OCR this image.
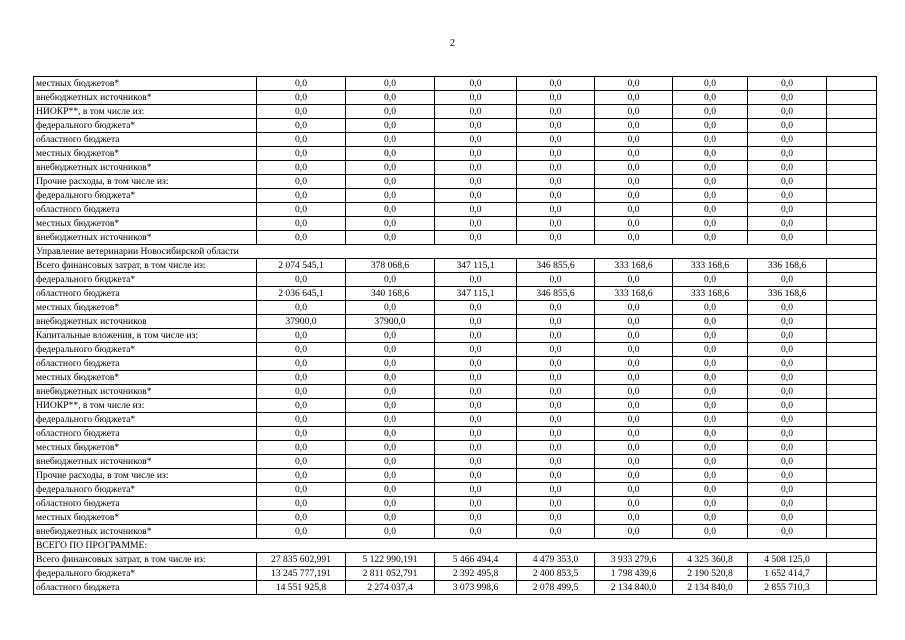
2
местных бюджетов*	0,0	0,0	0,0	0,0	0,0	0,0	0,0	
внебюджетных источников*	0,0	0,0	0,0	0,0	0,0	0,0	0,0	
НИОКР**, в том числе из:	0,0	0,0	0,0	0,0	0,0	0,0	0,0	
федерального бюджета*	0,0	0,0	0,0	0,0	0,0	0,0	0,0	
областного бюджета	0,0	0,0	0,0	0,0	0,0	0,0	0,0	
местных бюджетов*	0,0	0,0	0,0	0,0	0,0	0,0	0,0	
внебюджетных источников*	0,0	0,0	0,0	0,0	0,0	0,0	0,0	
Прочие расходы, в том числе из:	0,0	0,0	0,0	0,0	0,0	0,0	0,0	
федерального бюджета*	0,0	0,0	0,0	0,0	0,0	0,0	0,0	
областного бюджета	0,0	0,0	0,0	0,0	0,0	0,0	0,0	
местных бюджетов*	0,0	0,0	0,0	0,0	0,0	0,0	0,0	
внебюджетных источников*	0,0	0,0	0,0	0,0	0,0	0,0	0,0	
Управление ветеринарии Новосибирской области								
Всего финансовых затрат, в том числе из:	2 074 545,1	378 068,6	347 115,1	346 855,6	333 168,6	333 168,6	336 168,6	
федерального бюджета*	0,0	0,0	0,0	0,0	0,0	0,0	0,0	
областного бюджета	2 036 645,1	340 168,6	347 115,1	346 855,6	333 168,6	333 168,6	336 168,6	
местных бюджетов*	0,0	0,0	0,0	0,0	0,0	0,0	0,0	
внебюджетных источников	37900,0	37900,0	0,0	0,0	0,0	0,0	0,0	
Капитальные вложения, в том числе из:	0,0	0,0	0,0	0,0	0,0	0,0	0,0	
федерального бюджета*	0,0	0,0	0,0	0,0	0,0	0,0	0,0	
областного бюджета	0,0	0,0	0,0	0,0	0,0	0,0	0,0	
местных бюджетов*	0,0	0,0	0,0	0,0	0,0	0,0	0,0	
внебюджетных источников*	0,0	0,0	0,0	0,0	0,0	0,0	0,0	
НИОКР**, в том числе из:	0,0	0,0	0,0	0,0	0,0	0,0	0,0	
федерального бюджета*	0,0	0,0	0,0	0,0	0,0	0,0	0,0	
областного бюджета	0,0	0,0	0,0	0,0	0,0	0,0	0,0	
местных бюджетов*	0,0	0,0	0,0	0,0	0,0	0,0	0,0	
внебюджетных источников*	0,0	0,0	0,0	0,0	0,0	0,0	0,0	
Прочие расходы, в том числе из:	0,0	0,0	0,0	0,0	0,0	0,0	0,0	
федерального бюджета*	0,0	0,0	0,0	0,0	0,0	0,0	0,0	
областного бюджета	0,0	0,0	0,0	0,0	0,0	0,0	0,0	
местных бюджетов*	0,0	0,0	0,0	0,0	0,0	0,0	0,0	
внебюджетных источников*	0,0	0,0	0,0	0,0	0,0	0,0	0,0	
ВСЕГО ПО ПРОГРАММЕ:								
Всего финансовых затрат, в том числе из:	27 835 602,991	5 122 990,191	5 466 494,4	4 479 353,0	3 933 279,6	4 325 360,8	4 508 125,0	
федерального бюджета*	13 245 777,191	2 811 052,791	2 392 495,8	2 400 853,5	1 798 439,6	2 190 520,8	1 652 414,7	
областного бюджета	14 551 925,8	2 274 037,4	3 073 998,6	2 078 499,5	2 134 840,0	2 134 840,0	2 855 710,3	
